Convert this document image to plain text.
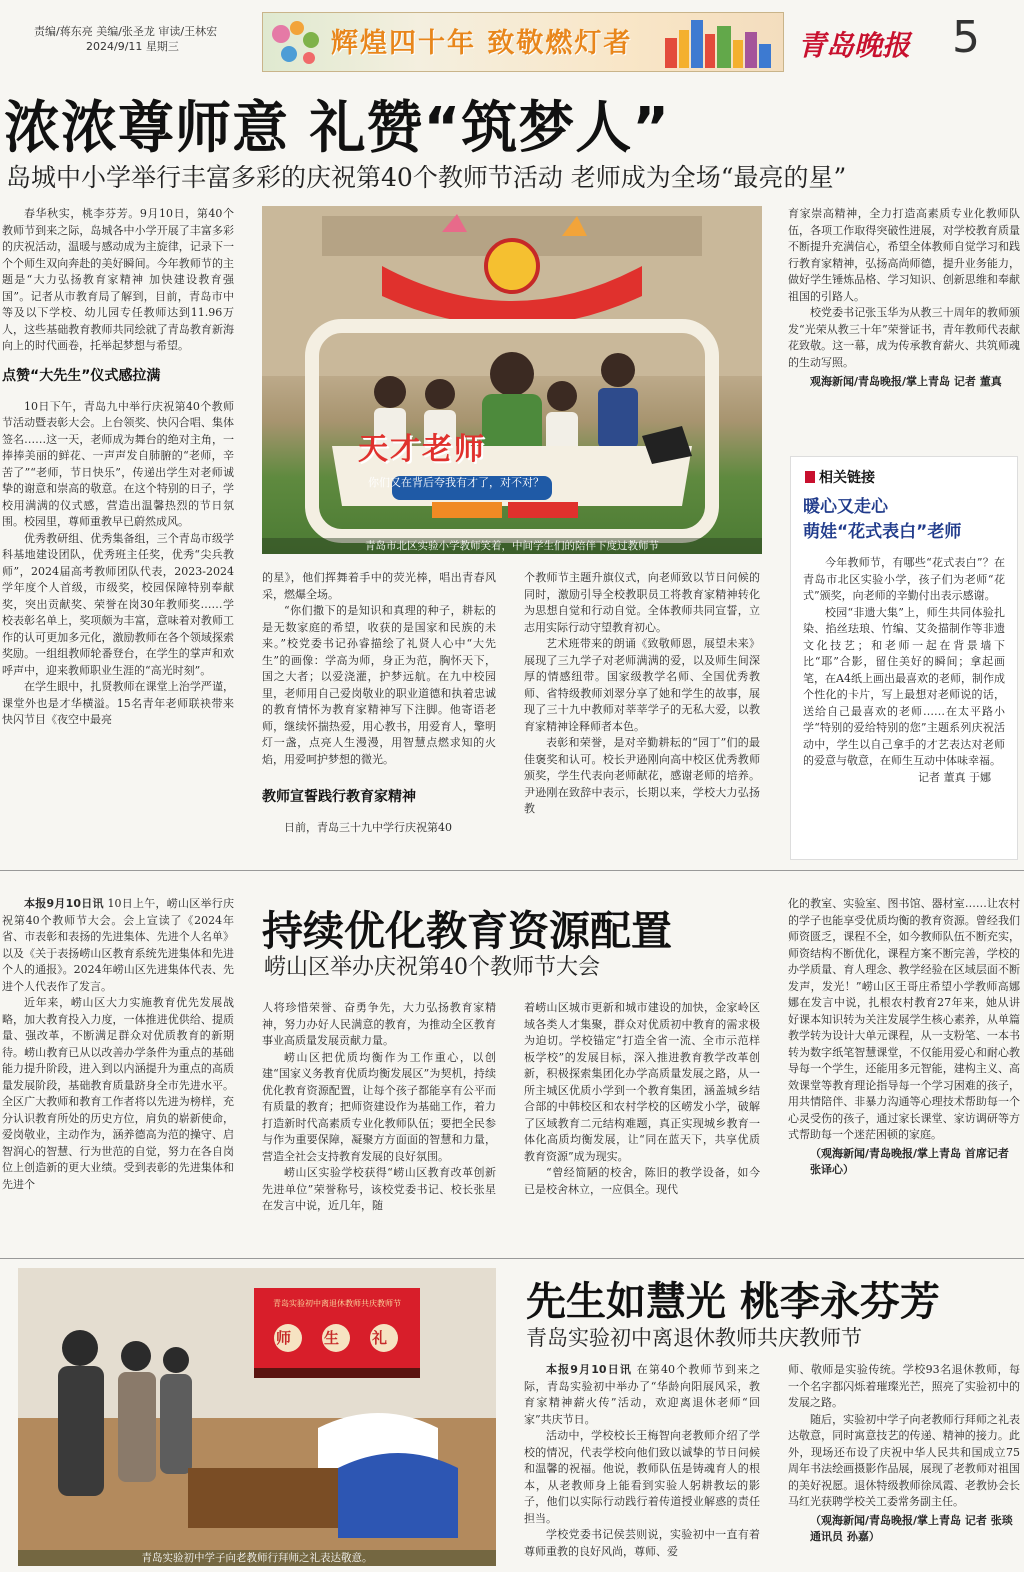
责编/蒋东亮 美编/张圣龙 审读/王林宏
2024/9/11 星期三	辉煌四十年 致敬燃灯者	青岛晚报 5
浓浓尊师意 礼赞“筑梦人”
岛城中小学举行丰富多彩的庆祝第40个教师节活动 老师成为全场“最亮的星”

春华秋实，桃李芬芳。9月10日，第40个教师节到来之际，岛城各中小学开展了丰富多彩的庆祝活动，温暖与感动成为主旋律，记录下一个个师生双向奔赴的美好瞬间。今年教师节的主题是“大力弘扬教育家精神 加快建设教育强国”。记者从市教育局了解到，目前，青岛市中等及以下学校、幼儿园专任教师达到11.96万人，这些基础教育教师共同绘就了青岛教育新海向上的时代画卷，托举起梦想与希望。

点赞“大先生”仪式感拉满

10日下午，青岛九中举行庆祝第40个教师节活动暨表彰大会。上台领奖、快闪合唱、集体签名……这一天，老师成为舞台的绝对主角，一捧捧美丽的鲜花、一声声发自肺腑的“老师，辛苦了”“老师，节日快乐”，传递出学生对老师诚挚的谢意和崇高的敬意。在这个特别的日子，学校用满满的仪式感，营造出温馨热烈的节日氛围。校园里，尊师重教早已蔚然成风。

优秀教研组、优秀集备组，三个青岛市级学科基地建设团队，优秀班主任奖，优秀“尖兵教师”，2024届高考教师团队代表，2023-2024学年度个人首级，市级奖，校园保障特别奉献奖，突出贡献奖、荣誉在岗30年教师奖……学校表彰名单上，奖项颇为丰富，意味着对教师工作的认可更加多元化，激励教师在各个领域探索奖励。一组组教师轮番登台，在学生的掌声和欢呼声中，迎来教师职业生涯的“高光时刻”。

在学生眼中，扎贤教师在课堂上治学严谨，课堂外也是才华横溢。15名青年老师联袂带来快闪节目《夜空中最亮

天才老师
你们又在背后夸我有才了，对不对？
青岛市北区实验小学教师笑着，中间学生们的陪伴下度过教师节

的星》，他们挥舞着手中的荧光棒，唱出青春风采，燃爆全场。

“你们撒下的是知识和真理的种子，耕耘的是无数家庭的希望，收获的是国家和民族的未来。”校党委书记孙睿描绘了礼贤人心中“大先生”的画像：学高为师，身正为范，胸怀天下，国之大者；以爱浇灌，护梦远航。在九中校园里，老师用自己爱岗敬业的职业道德和执着忠诚的教育情怀为教育家精神写下注脚。他寄语老师，继续怀揣热爱，用心教书，用爱育人，擎明灯一盏，点亮人生漫漫，用智慧点燃求知的火焰，用爱呵护梦想的微光。

教师宣誓践行教育家精神

日前，青岛三十九中学行庆祝第40

个教师节主题升旗仪式，向老师致以节日问候的同时，激励引导全校教职员工将教育家精神转化为思想自觉和行动自觉。全体教师共同宣誓，立志用实际行动守望教育初心。

艺术班带来的朗诵《致敬师恩，展望未来》展现了三九学子对老师满满的爱，以及师生间深厚的情感纽带。国家级教学名师、全国优秀教师、省特级教师刘翠分享了她和学生的故事，展现了三十九中教师对莘莘学子的无私大爱，以教育家精神诠释师者本色。

表彰和荣誉，是对辛勤耕耘的“园丁”们的最佳褒奖和认可。校长尹逊刚向高中校区优秀教师颁奖，学生代表向老师献花，感谢老师的培养。尹逊刚在致辞中表示，长期以来，学校大力弘扬教

育家崇高精神，全力打造高素质专业化教师队伍，各项工作取得突破性进展，对学校教育质量不断提升充满信心，希望全体教师自觉学习和践行教育家精神，弘扬高尚师德，提升业务能力，做好学生锤炼品格、学习知识、创新思维和奉献祖国的引路人。

校党委书记张玉华为从教三十周年的教师颁发“光荣从教三十年”荣誉证书，青年教师代表献花致敬。这一幕，成为传承教育薪火、共筑师魂的生动写照。

观海新闻/青岛晚报/掌上青岛 记者 董真
相关链接
暖心又走心
萌娃“花式表白”老师

今年教师节，有哪些“花式表白”？在青岛市北区实验小学，孩子们为老师“花式”颁奖，向老师的辛勤付出表示感谢。

校园“非遗大集”上，师生共同体验扎染、掐丝珐琅、竹编、艾灸描制作等非遗文化技艺；和老师一起在背景墙下比“耶”合影，留住美好的瞬间；拿起画笔，在A4纸上画出最喜欢的老师，制作成个性化的卡片，写上最想对老师说的话，送给自己最喜欢的老师……在太平路小学“特别的爱给特别的您”主题系列庆祝活动中，学生以自己拿手的才艺表达对老师的爱意与敬意，在师生互动中体味幸福。

记者 董真 于娜

本报9月10日讯 10日上午，崂山区举行庆祝第40个教师节大会。会上宣读了《2024年省、市表彰和表扬的先进集体、先进个人名单》以及《关于表扬崂山区教育系统先进集体和先进个人的通报》。2024年崂山区先进集体代表、先进个人代表作了发言。

近年来，崂山区大力实施教育优先发展战略，加大教育投入力度，一体推进优供给、提质量、强改革，不断满足群众对优质教育的新期待。崂山教育已从以改善办学条件为重点的基础能力提升阶段，进入到以内涵提升为重点的高质量发展阶段，基础教育质量跻身全市先进水平。全区广大教师和教育工作者将以先进为榜样，充分认识教育所处的历史方位，肩负的崭新使命，爱岗敬业，主动作为，涵养德高为范的操守、启智润心的智慧、行为世范的自觉，努力在各自岗位上创造新的更大业绩。受到表彰的先进集体和先进个

持续优化教育资源配置
崂山区举办庆祝第40个教师节大会

人将珍惜荣誉、奋勇争先，大力弘扬教育家精神，努力办好人民满意的教育，为推动全区教育事业高质量发展贡献力量。

崂山区把优质均衡作为工作重心，以创建“国家义务教育优质均衡发展区”为契机，持续优化教育资源配置，让每个孩子都能享有公平而有质量的教育；把师资建设作为基础工作，着力打造新时代高素质专业化教师队伍；要把全民参与作为重要保障，凝聚方方面面的智慧和力量，营造全社会支持教育发展的良好氛围。

崂山区实验学校获得“崂山区教育改革创新先进单位”荣誉称号，该校党委书记、校长张星在发言中说，近几年，随

着崂山区城市更新和城市建设的加快，金家岭区域各类人才集聚，群众对优质初中教育的需求极为迫切。学校锚定“打造全省一流、全市示范样板学校”的发展目标，深入推进教育教学改革创新，积极探索集团化办学高质量发展之路，从一所主城区优质小学到一个教育集团，涵盖城乡结合部的中韩校区和农村学校的区崂发小学，破解了区域教育二元结构难题，真正实现城乡教育一体化高质均衡发展，让“同在蓝天下，共享优质教育资源”成为现实。

“曾经简陋的校舍，陈旧的教学设备，如今已是校舍林立，一应俱全。现代

化的教室、实验室、图书馆、器材室……让农村的学子也能享受优质均衡的教育资源。曾经我们师资匮乏，课程不全，如今教师队伍不断充实，师资结构不断优化，课程方案不断完善，学校的办学质量、育人理念、教学经验在区域层面不断发声，发光！”崂山区王哥庄希望小学教师高娜娜在发言中说，扎根农村教育27年来，她从讲好课本知识转为关注发展学生核心素养，从单篇教学转为设计大单元课程，从一支粉笔、一本书转为数字纸笔智慧课堂，不仅能用爱心和耐心教导每一个学生，还能用多元智能，建构主义、高效课堂等教育理论指导每一个学习困难的孩子，用共情陪伴、非暴力沟通等心理技术帮助每一个心灵受伤的孩子，通过家长课堂、家访调研等方式帮助每一个迷茫困顿的家庭。

（观海新闻/青岛晚报/掌上青岛 首席记者 张译心）
青岛实验初中离退休教师共庆教师节
师 生 礼
青岛实验初中学子向老教师行拜师之礼表达敬意。
先生如慧光 桃李永芬芳
青岛实验初中离退休教师共庆教师节

本报9月10日讯 在第40个教师节到来之际，青岛实验初中举办了“华龄向阳展风采，教育家精神薪火传”活动，欢迎离退休老师“回家”共庆节日。

活动中，学校校长王梅智向老教师介绍了学校的情况，代表学校向他们致以诚挚的节日问候和温馨的祝福。他说，教师队伍是铸魂育人的根本，从老教师身上能看到实验人躬耕教坛的影子，他们以实际行动践行着传道授业解惑的责任担当。

学校党委书记侯芸则说，实验初中一直有着尊师重教的良好风尚，尊师、爱

师、敬师是实验传统。学校93名退休教师，每一个名字都闪烁着璀璨光芒，照亮了实验初中的发展之路。

随后，实验初中学子向老教师行拜师之礼表达敬意，同时寓意技艺的传递、精神的接力。此外，现场还布设了庆祝中华人民共和国成立75周年书法绘画摄影作品展，展现了老教师对祖国的美好祝愿。退休特级教师徐凤霞、老教协会长马红光获聘学校关工委常务副主任。

（观海新闻/青岛晚报/掌上青岛 记者 张琰 通讯员 孙嘉）
